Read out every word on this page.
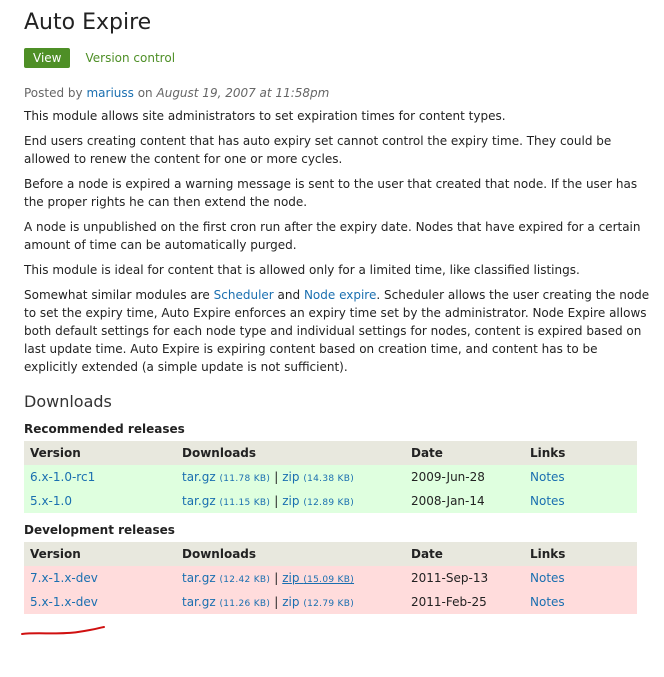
Auto Expire
View	Version control
Posted by mariuss on August 19, 2007 at 11:58pm

This module allows site administrators to set expiration times for content types.

End users creating content that has auto expiry set cannot control the expiry time. They could be allowed to renew the content for one or more cycles.

Before a node is expired a warning message is sent to the user that created that node. If the user has the proper rights he can then extend the node.

A node is unpublished on the first cron run after the expiry date. Nodes that have expired for a certain amount of time can be automatically purged.

This module is ideal for content that is allowed only for a limited time, like classified listings.

Somewhat similar modules are Scheduler and Node expire. Scheduler allows the user creating the node to set the expiry time, Auto Expire enforces an expiry time set by the administrator. Node Expire allows both default settings for each node type and individual settings for nodes, content is expired based on last update time. Auto Expire is expiring content based on creation time, and content has to be explicitly extended (a simple update is not sufficient).

Downloads
Recommended releases
Version	Downloads	Date	Links
6.x-1.0-rc1	tar.gz (11.78 KB) | zip (14.38 KB)	2009-Jun-28	Notes
5.x-1.0	tar.gz (11.15 KB) | zip (12.89 KB)	2008-Jan-14	Notes
Development releases
Version	Downloads	Date	Links
7.x-1.x-dev	tar.gz (12.42 KB) | zip (15.09 KB)	2011-Sep-13	Notes
5.x-1.x-dev	tar.gz (11.26 KB) | zip (12.79 KB)	2011-Feb-25	Notes
